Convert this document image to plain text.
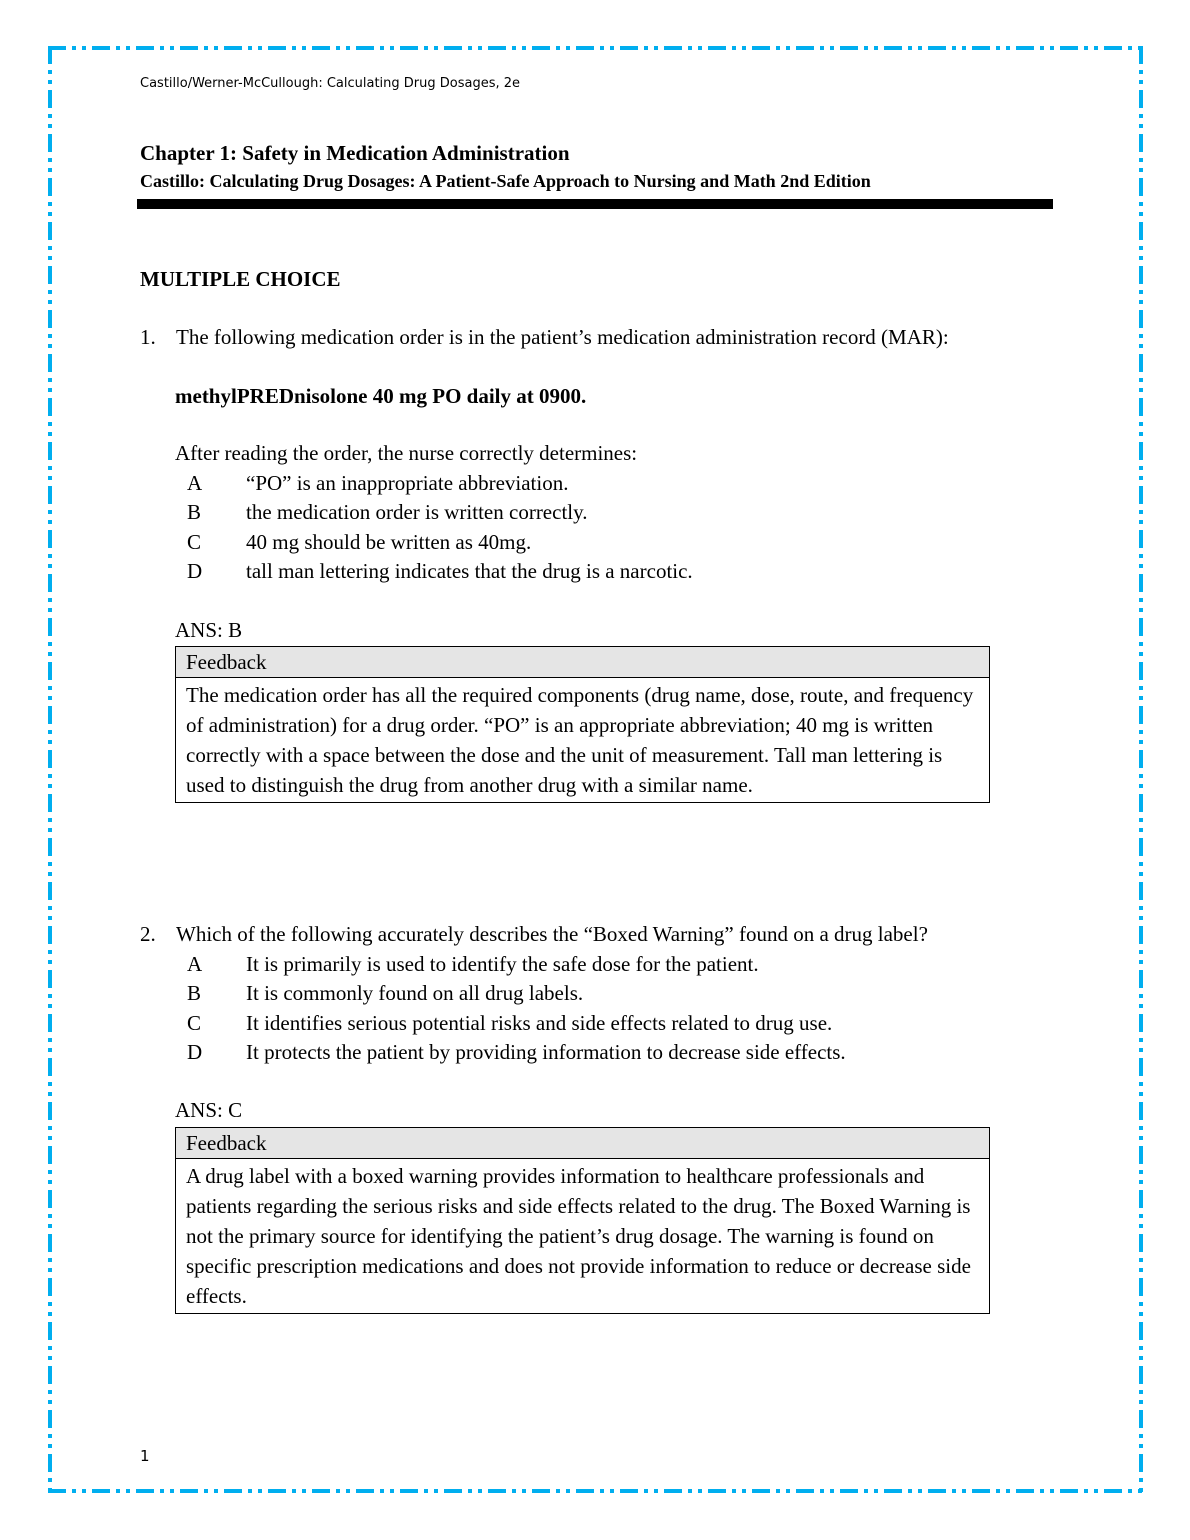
Castillo/Werner-McCullough: Calculating Drug Dosages, 2e
Chapter 1: Safety in Medication Administration
Castillo: Calculating Drug Dosages: A Patient-Safe Approach to Nursing and Math 2nd Edition
MULTIPLE CHOICE
1. The following medication order is in the patient’s medication administration record (MAR):
methylPREDnisolone 40 mg PO daily at 0900.
After reading the order, the nurse correctly determines:
A “PO” is an inappropriate abbreviation.
B the medication order is written correctly.
C 40 mg should be written as 40mg.
D tall man lettering indicates that the drug is a narcotic.
ANS: B
Feedback
The medication order has all the required components (drug name, dose, route, and frequency of administration) for a drug order. “PO” is an appropriate abbreviation; 40 mg is written correctly with a space between the dose and the unit of measurement. Tall man lettering is used to distinguish the drug from another drug with a similar name.
2. Which of the following accurately describes the “Boxed Warning” found on a drug label?
A It is primarily is used to identify the safe dose for the patient.
B It is commonly found on all drug labels.
C It identifies serious potential risks and side effects related to drug use.
D It protects the patient by providing information to decrease side effects.
ANS: C
Feedback
A drug label with a boxed warning provides information to healthcare professionals and patients regarding the serious risks and side effects related to the drug. The Boxed Warning is not the primary source for identifying the patient’s drug dosage. The warning is found on specific prescription medications and does not provide information to reduce or decrease side effects.
1
